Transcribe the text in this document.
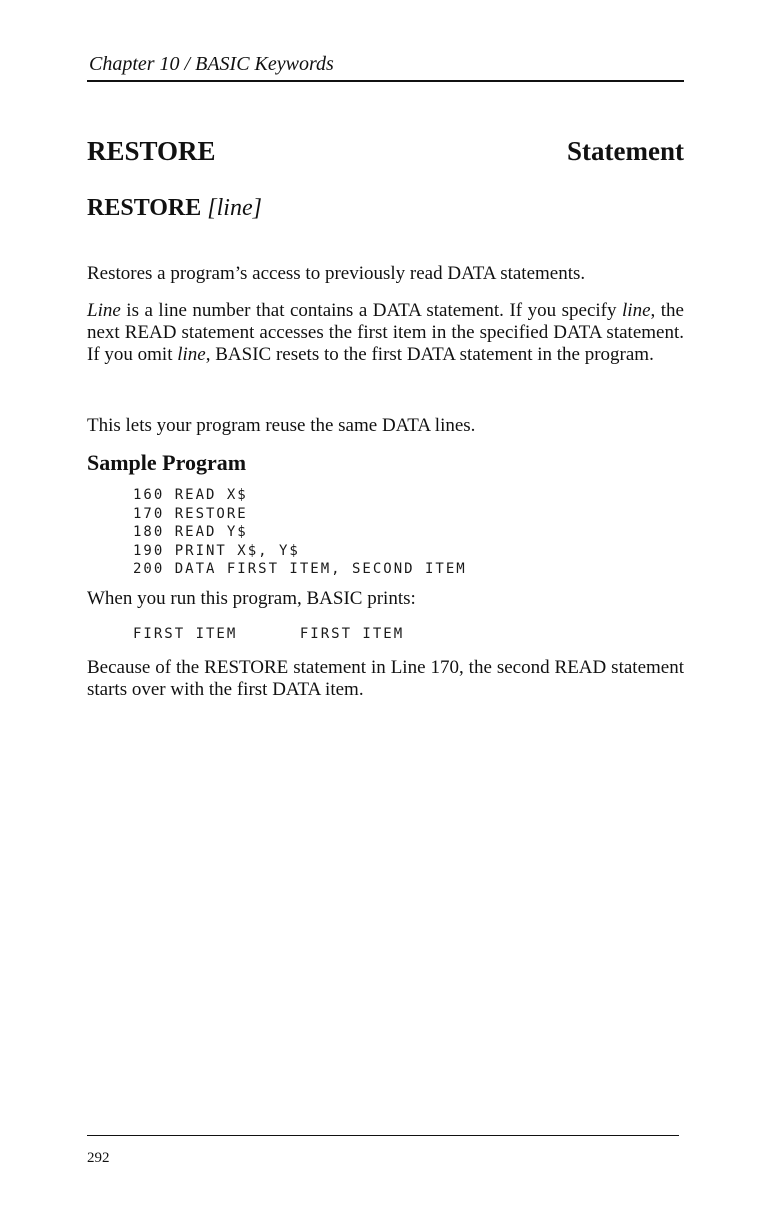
Chapter 10 / BASIC Keywords
RESTORE	Statement
RESTORE [line]
Restores a program’s access to previously read DATA statements.
Line is a line number that contains a DATA statement. If you specify line, the next READ statement accesses the first item in the specified DATA statement. If you omit line, BASIC resets to the first DATA statement in the program.
This lets your program reuse the same DATA lines.
Sample Program
160 READ X$
170 RESTORE
180 READ Y$
190 PRINT X$, Y$
200 DATA FIRST ITEM, SECOND ITEM
When you run this program, BASIC prints:
FIRST ITEM      FIRST ITEM
Because of the RESTORE statement in Line 170, the second READ statement starts over with the first DATA item.
292
